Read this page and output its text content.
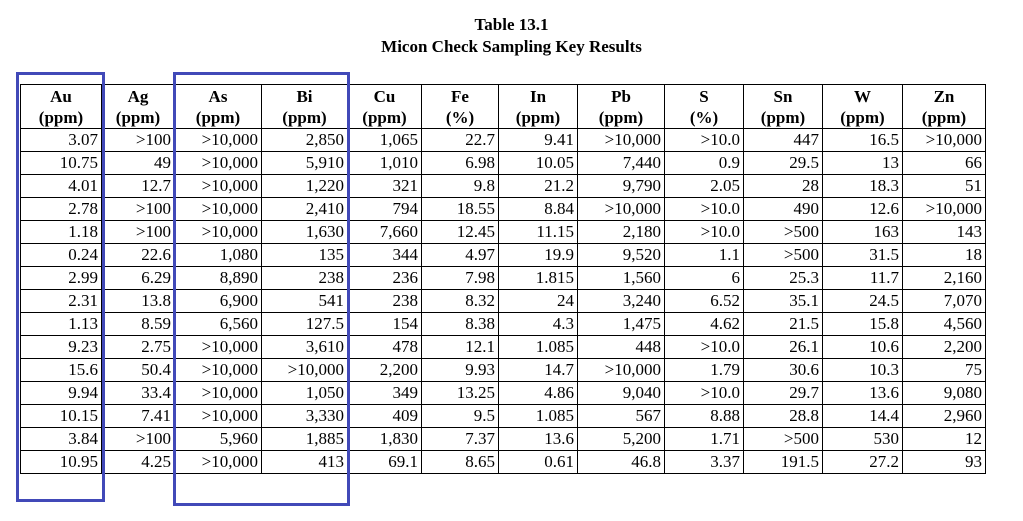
Table 13.1
Micon Check Sampling Key Results
Au	Ag	As	Bi	Cu	Fe	In	Pb	S	Sn	W	Zn
(ppm)	(ppm)	(ppm)	(ppm)	(ppm)	(%)	(ppm)	(ppm)	(%)	(ppm)	(ppm)	(ppm)
3.07	>100	>10,000	2,850	1,065	22.7	9.41	>10,000	>10.0	447	16.5	>10,000
10.75	49	>10,000	5,910	1,010	6.98	10.05	7,440	0.9	29.5	13	66
4.01	12.7	>10,000	1,220	321	9.8	21.2	9,790	2.05	28	18.3	51
2.78	>100	>10,000	2,410	794	18.55	8.84	>10,000	>10.0	490	12.6	>10,000
1.18	>100	>10,000	1,630	7,660	12.45	11.15	2,180	>10.0	>500	163	143
0.24	22.6	1,080	135	344	4.97	19.9	9,520	1.1	>500	31.5	18
2.99	6.29	8,890	238	236	7.98	1.815	1,560	6	25.3	11.7	2,160
2.31	13.8	6,900	541	238	8.32	24	3,240	6.52	35.1	24.5	7,070
1.13	8.59	6,560	127.5	154	8.38	4.3	1,475	4.62	21.5	15.8	4,560
9.23	2.75	>10,000	3,610	478	12.1	1.085	448	>10.0	26.1	10.6	2,200
15.6	50.4	>10,000	>10,000	2,200	9.93	14.7	>10,000	1.79	30.6	10.3	75
9.94	33.4	>10,000	1,050	349	13.25	4.86	9,040	>10.0	29.7	13.6	9,080
10.15	7.41	>10,000	3,330	409	9.5	1.085	567	8.88	28.8	14.4	2,960
3.84	>100	5,960	1,885	1,830	7.37	13.6	5,200	1.71	>500	530	12
10.95	4.25	>10,000	413	69.1	8.65	0.61	46.8	3.37	191.5	27.2	93
